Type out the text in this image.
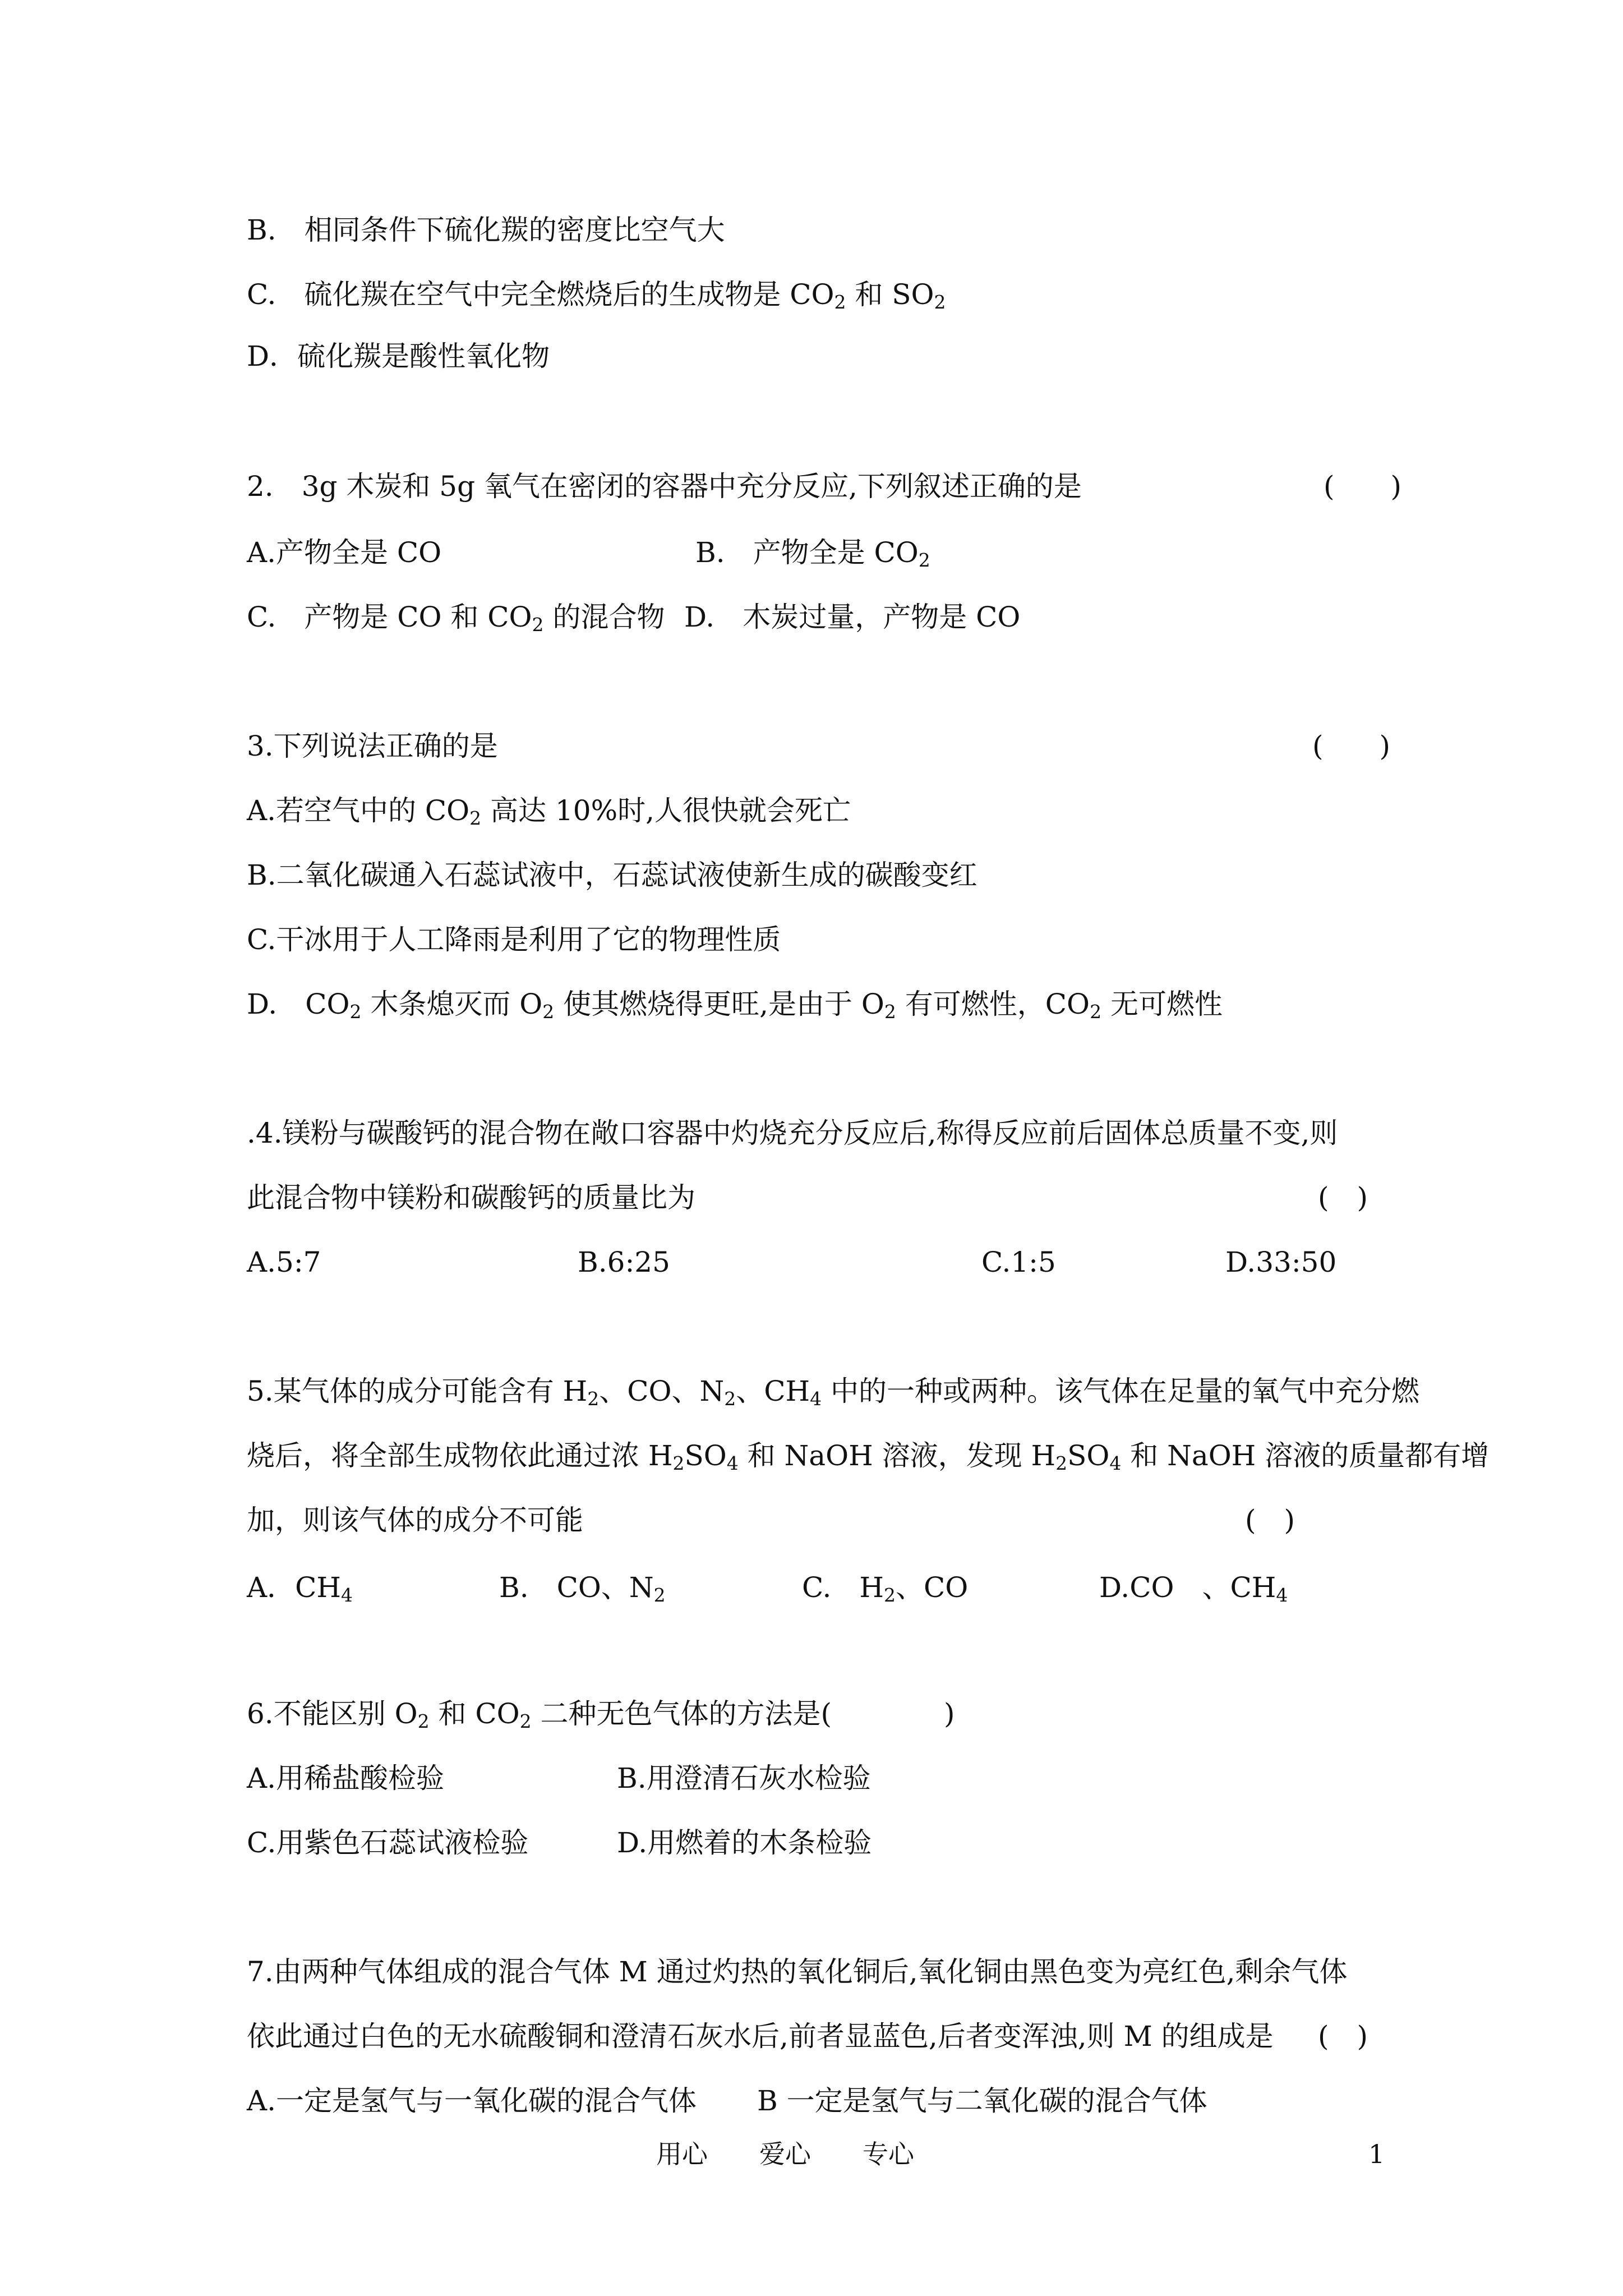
B.　相同条件下硫化羰的密度比空气大
C.　硫化羰在空气中完全燃烧后的生成物是 $CO_2$ 和 $SO_2$
D．硫化羰是酸性氧化物
2.　3g 木炭和 5g 氧气在密闭的容器中充分反应,下列叙述正确的是	(　　)
A.产物全是 CO	B.　产物全是 $CO_2$
C.　产物是 CO 和 $CO_2$ 的混合物 D.　木炭过量，产物是 CO
3.下列说法正确的是	(　　)
A.若空气中的 $CO_2$ 高达 10%时,人很快就会死亡
B.二氧化碳通入石蕊试液中，石蕊试液使新生成的碳酸变红
C.干冰用于人工降雨是利用了它的物理性质
D.　$CO_2$ 木条熄灭而 $O_2$ 使其燃烧得更旺,是由于 $O_2$ 有可燃性，$CO_2$ 无可燃性
.4.镁粉与碳酸钙的混合物在敞口容器中灼烧充分反应后,称得反应前后固体总质量不变,则
此混合物中镁粉和碳酸钙的质量比为	(　)
A.5:7	B.6:25	C.1:5	D.33:50
5.某气体的成分可能含有 $H_2$、CO、$N_2$、$CH_4$ 中的一种或两种。该气体在足量的氧气中充分燃
烧后，将全部生成物依此通过浓 $H_2SO_4$ 和 NaOH 溶液，发现 $H_2SO_4$ 和 NaOH 溶液的质量都有增
加，则该气体的成分不可能	(　)
A．$CH_4$	B.　CO、$N_2$	C.　$H_2$、CO	D.CO　、$CH_4$
6.不能区别 $O_2$ 和 $CO_2$ 二种无色气体的方法是(　　　　)
A.用稀盐酸检验	B.用澄清石灰水检验
C.用紫色石蕊试液检验	D.用燃着的木条检验
7.由两种气体组成的混合气体 M 通过灼热的氧化铜后,氧化铜由黑色变为亮红色,剩余气体
依此通过白色的无水硫酸铜和澄清石灰水后,前者显蓝色,后者变浑浊,则 M 的组成是 (　)
A.一定是氢气与一氧化碳的混合气体 B 一定是氢气与二氧化碳的混合气体
用心　　爱心　　专心	1
